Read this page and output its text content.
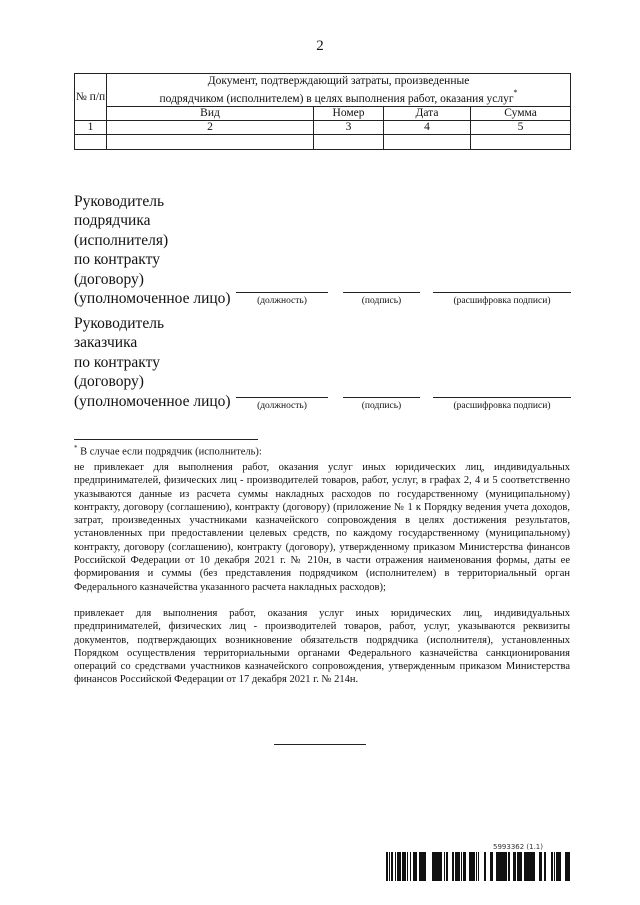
2
№ п/п	Документ, подтверждающий затраты, произведенные
подрядчиком (исполнителем) в целях выполнения работ, оказания услуг*
	Вид	Номер	Дата	Сумма
1	2	3	4	5

Руководитель
подрядчика
(исполнителя)
по контракту
(договору)
(уполномоченное лицо)	(должность)	(подпись)	(расшифровка подписи)
Руководитель
заказчика
по контракту
(договору)
(уполномоченное лицо)	(должность)	(подпись)	(расшифровка подписи)
* В случае если подрядчик (исполнитель):

не привлекает для выполнения работ, оказания услуг иных юридических лиц, индивидуальных предпринимателей, физических лиц - производителей товаров, работ, услуг, в графах 2, 4 и 5 соответственно указываются данные из расчета суммы накладных расходов по государственному (муниципальному) контракту, договору (соглашению), контракту (договору) (приложение № 1 к Порядку ведения учета доходов, затрат, произведенных участниками казначейского сопровождения в целях достижения результатов, установленных при предоставлении целевых средств, по каждому государственному (муниципальному) контракту, договору (соглашению), контракту (договору), утвержденному приказом Министерства финансов Российской Федерации от 10 декабря 2021 г. № 210н, в части отражения наименования формы, даты ее формирования и суммы (без представления подрядчиком (исполнителем) в территориальный орган Федерального казначейства указанного расчета накладных расходов);

привлекает для выполнения работ, оказания услуг иных юридических лиц, индивидуальных предпринимателей, физических лиц - производителей товаров, работ, услуг, указываются реквизиты документов, подтверждающих возникновение обязательств подрядчика (исполнителя), установленных Порядком осуществления территориальными органами Федерального казначейства санкционирования операций со средствами участников казначейского сопровождения, утвержденным приказом Министерства финансов Российской Федерации от 17 декабря 2021 г. № 214н.

5993362 (1.1)
